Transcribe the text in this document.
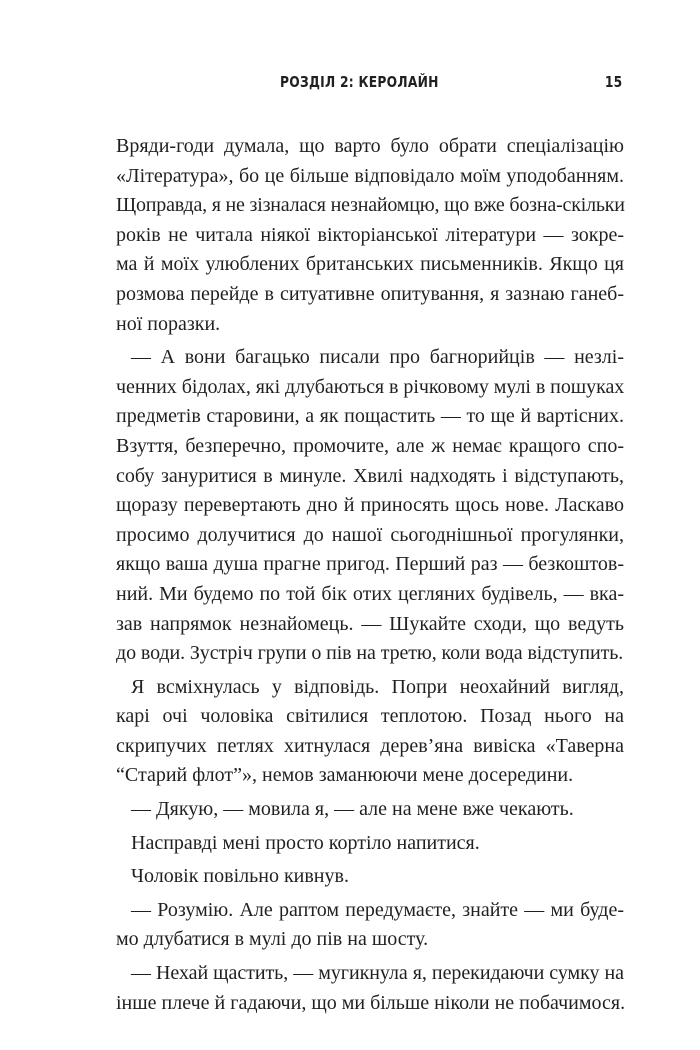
РОЗДІЛ 2: КЕРОЛАЙН	15
Вряди-годи думала, що варто було обрати спеціалізацію
«Література», бо це більше відповідало моїм уподобанням.
Щоправда, я не зізналася незнайомцю, що вже бозна-скільки
років не читала ніякої вікторіанської літератури — зокре-
ма й моїх улюблених британських письменників. Якщо ця
розмова перейде в ситуативне опитування, я зазнаю ганеб-
ної поразки.
— А вони багацько писали про багнорийців — незлі-
ченних бідолах, які длубаються в річковому мулі в пошуках
предметів старовини, а як пощастить — то ще й вартісних.
Взуття, безперечно, промочите, але ж немає кращого спо-
собу зануритися в минуле. Хвилі надходять і відступають,
щоразу перевертають дно й приносять щось нове. Ласкаво
просимо долучитися до нашої сьогоднішньої прогулянки,
якщо ваша душа прагне пригод. Перший раз — безкоштов-
ний. Ми будемо по той бік отих цегляних будівель, — вка-
зав напрямок незнайомець. — Шукайте сходи, що ведуть
до води. Зустріч групи о пів на третю, коли вода відступить.
Я всміхнулась у відповідь. Попри неохайний вигляд,
карі очі чоловіка світилися теплотою. Позад нього на
скрипучих петлях хитнулася дерев’яна вивіска «Таверна
“Старий флот”», немов заманюючи мене досередини.
— Дякую, — мовила я, — але на мене вже чекають.
Насправді мені просто кортіло напитися.
Чоловік повільно кивнув.
— Розумію. Але раптом передумаєте, знайте — ми буде-
мо длубатися в мулі до пів на шосту.
— Нехай щастить, — мугикнула я, перекидаючи сумку на
інше плече й гадаючи, що ми більше ніколи не побачимося.
